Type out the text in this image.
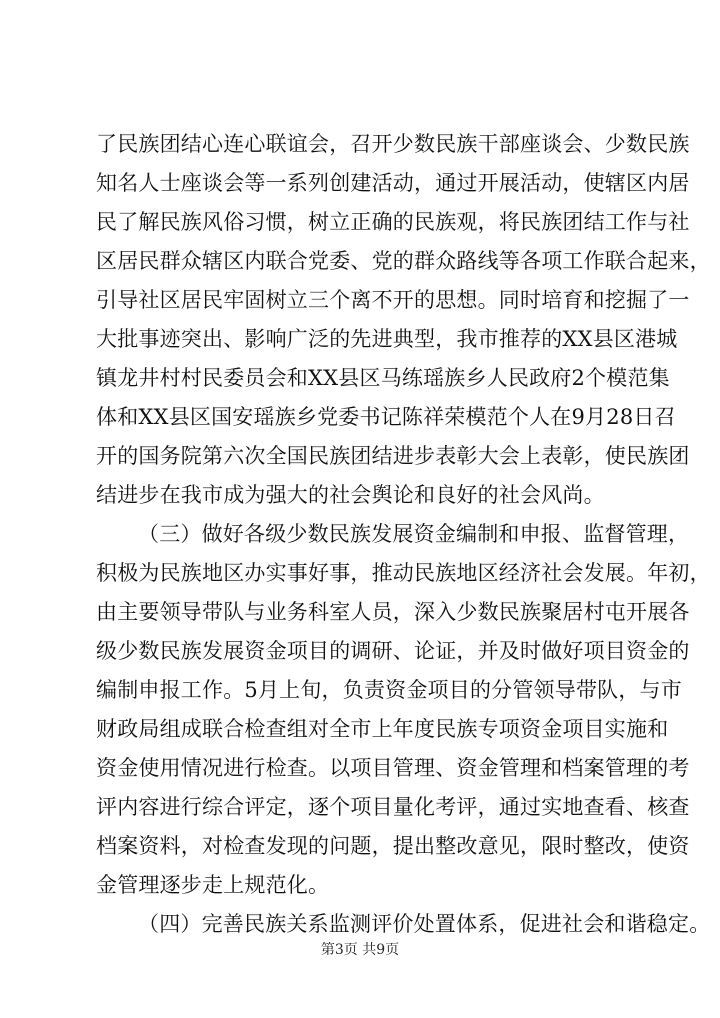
了民族团结心连心联谊会，召开少数民族干部座谈会、少数民族
知名人士座谈会等一系列创建活动，通过开展活动，使辖区内居
民了解民族风俗习惯，树立正确的民族观，将民族团结工作与社
区居民群众辖区内联合党委、党的群众路线等各项工作联合起来，
引导社区居民牢固树立三个离不开的思想。同时培育和挖掘了一
大批事迹突出、影响广泛的先进典型，我市推荐的XX县区港城
镇龙井村村民委员会和XX县区马练瑶族乡人民政府2个模范集
体和XX县区国安瑶族乡党委书记陈祥荣模范个人在9月28日召
开的国务院第六次全国民族团结进步表彰大会上表彰，使民族团
结进步在我市成为强大的社会舆论和良好的社会风尚。
（三）做好各级少数民族发展资金编制和申报、监督管理，
积极为民族地区办实事好事，推动民族地区经济社会发展。年初，
由主要领导带队与业务科室人员，深入少数民族聚居村屯开展各
级少数民族发展资金项目的调研、论证，并及时做好项目资金的
编制申报工作。5月上旬，负责资金项目的分管领导带队，与市
财政局组成联合检查组对全市上年度民族专项资金项目实施和
资金使用情况进行检查。以项目管理、资金管理和档案管理的考
评内容进行综合评定，逐个项目量化考评，通过实地查看、核查
档案资料，对检查发现的问题，提出整改意见，限时整改，使资
金管理逐步走上规范化。
（四）完善民族关系监测评价处置体系，促进社会和谐稳定。
第3页 共9页
